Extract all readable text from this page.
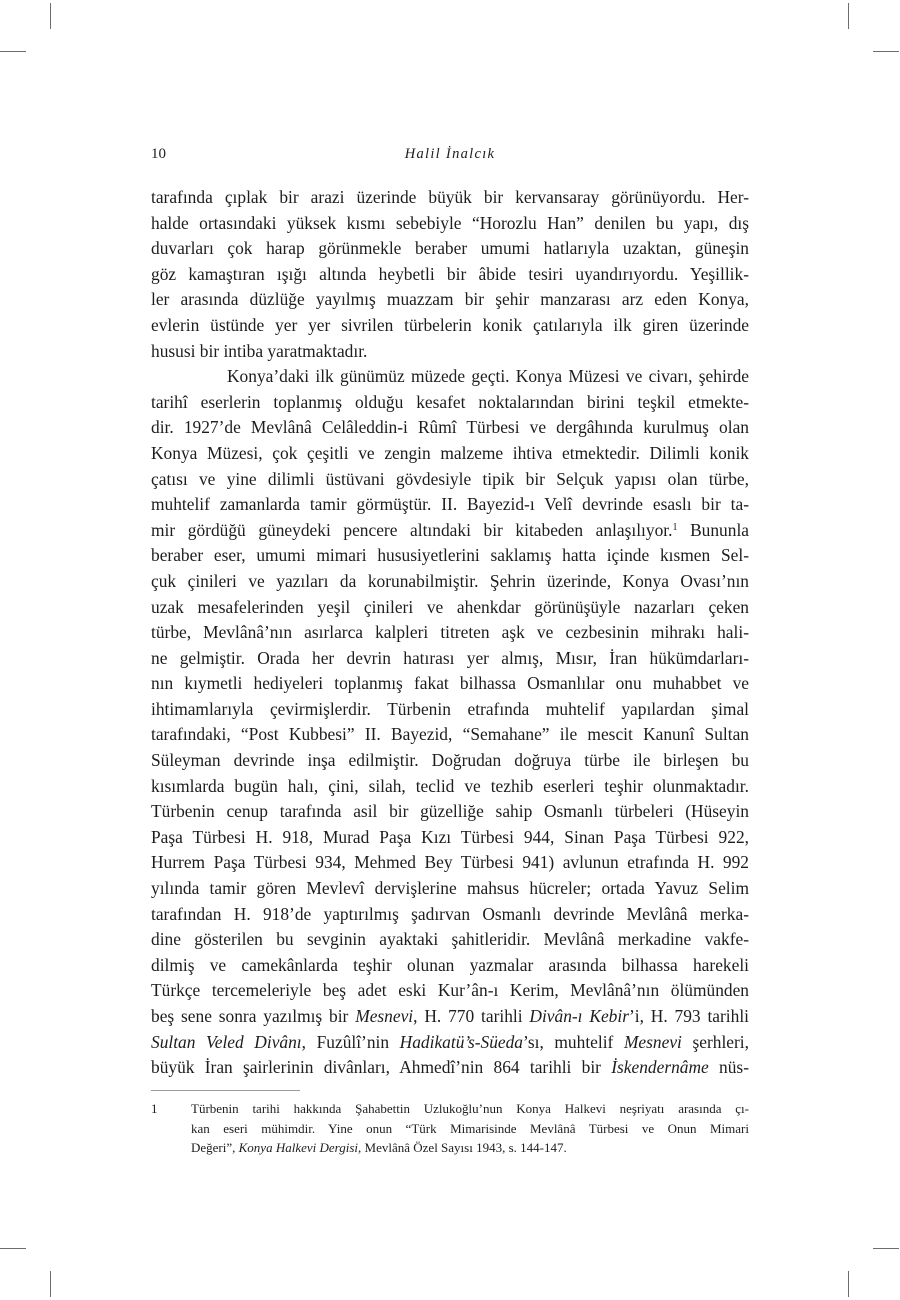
10	Halil İnalcık

tarafında çıplak bir arazi üzerinde büyük bir kervansaray görünüyordu. Her-
halde ortasındaki yüksek kısmı sebebiyle “Horozlu Han” denilen bu yapı, dış
duvarları çok harap görünmekle beraber umumi hatlarıyla uzaktan, güneşin
göz kamaştıran ışığı altında heybetli bir âbide tesiri uyandırıyordu. Yeşillik-
ler arasında düzlüğe yayılmış muazzam bir şehir manzarası arz eden Konya,
evlerin üstünde yer yer sivrilen türbelerin konik çatılarıyla ilk giren üzerinde
hususi bir intiba yaratmaktadır.

Konya’daki ilk günümüz müzede geçti. Konya Müzesi ve civarı, şehirde
tarihî eserlerin toplanmış olduğu kesafet noktalarından birini teşkil etmekte-
dir. 1927’de Mevlânâ Celâleddin-i Rûmî Türbesi ve dergâhında kurulmuş olan
Konya Müzesi, çok çeşitli ve zengin malzeme ihtiva etmektedir. Dilimli konik
çatısı ve yine dilimli üstüvani gövdesiyle tipik bir Selçuk yapısı olan türbe,
muhtelif zamanlarda tamir görmüştür. II. Bayezid-ı Velî devrinde esaslı bir ta-
mir gördüğü güneydeki pencere altındaki bir kitabeden anlaşılıyor.$^1$ Bununla
beraber eser, umumi mimari hususiyetlerini saklamış hatta içinde kısmen Sel-
çuk çinileri ve yazıları da korunabilmiştir. Şehrin üzerinde, Konya Ovası’nın
uzak mesafelerinden yeşil çinileri ve ahenkdar görünüşüyle nazarları çeken
türbe, Mevlânâ’nın asırlarca kalpleri titreten aşk ve cezbesinin mihrakı hali-
ne gelmiştir. Orada her devrin hatırası yer almış, Mısır, İran hükümdarları-
nın kıymetli hediyeleri toplanmış fakat bilhassa Osmanlılar onu muhabbet ve
ihtimamlarıyla çevirmişlerdir. Türbenin etrafında muhtelif yapılardan şimal
tarafındaki, “Post Kubbesi” II. Bayezid, “Semahane” ile mescit Kanunî Sultan
Süleyman devrinde inşa edilmiştir. Doğrudan doğruya türbe ile birleşen bu
kısımlarda bugün halı, çini, silah, teclid ve tezhib eserleri teşhir olunmaktadır.
Türbenin cenup tarafında asil bir güzelliğe sahip Osmanlı türbeleri (Hüseyin
Paşa Türbesi H. 918, Murad Paşa Kızı Türbesi 944, Sinan Paşa Türbesi 922,
Hurrem Paşa Türbesi 934, Mehmed Bey Türbesi 941) avlunun etrafında H. 992
yılında tamir gören Mevlevî dervişlerine mahsus hücreler; ortada Yavuz Selim
tarafından H. 918’de yaptırılmış şadırvan Osmanlı devrinde Mevlânâ merka-
dine gösterilen bu sevginin ayaktaki şahitleridir. Mevlânâ merkadine vakfe-
dilmiş ve camekânlarda teşhir olunan yazmalar arasında bilhassa harekeli
Türkçe tercemeleriyle beş adet eski Kur’ân-ı Kerim, Mevlânâ’nın ölümünden
beş sene sonra yazılmış bir Mesnevi, H. 770 tarihli Divân-ı Kebir’i, H. 793 tarihli
Sultan Veled Divânı, Fuzûlî’nin Hadikatü’s-Süeda’sı, muhtelif Mesnevi şerhleri,
büyük İran şairlerinin divânları, Ahmedî’nin 864 tarihli bir İskendernâme nüs-

1	Türbenin tarihi hakkında Şahabettin Uzlukoğlu’nun Konya Halkevi neşriyatı arasında çı-
kan eseri mühimdir. Yine onun “Türk Mimarisinde Mevlânâ Türbesi ve Onun Mimari
Değeri”, Konya Halkevi Dergisi, Mevlânâ Özel Sayısı 1943, s. 144-147.
